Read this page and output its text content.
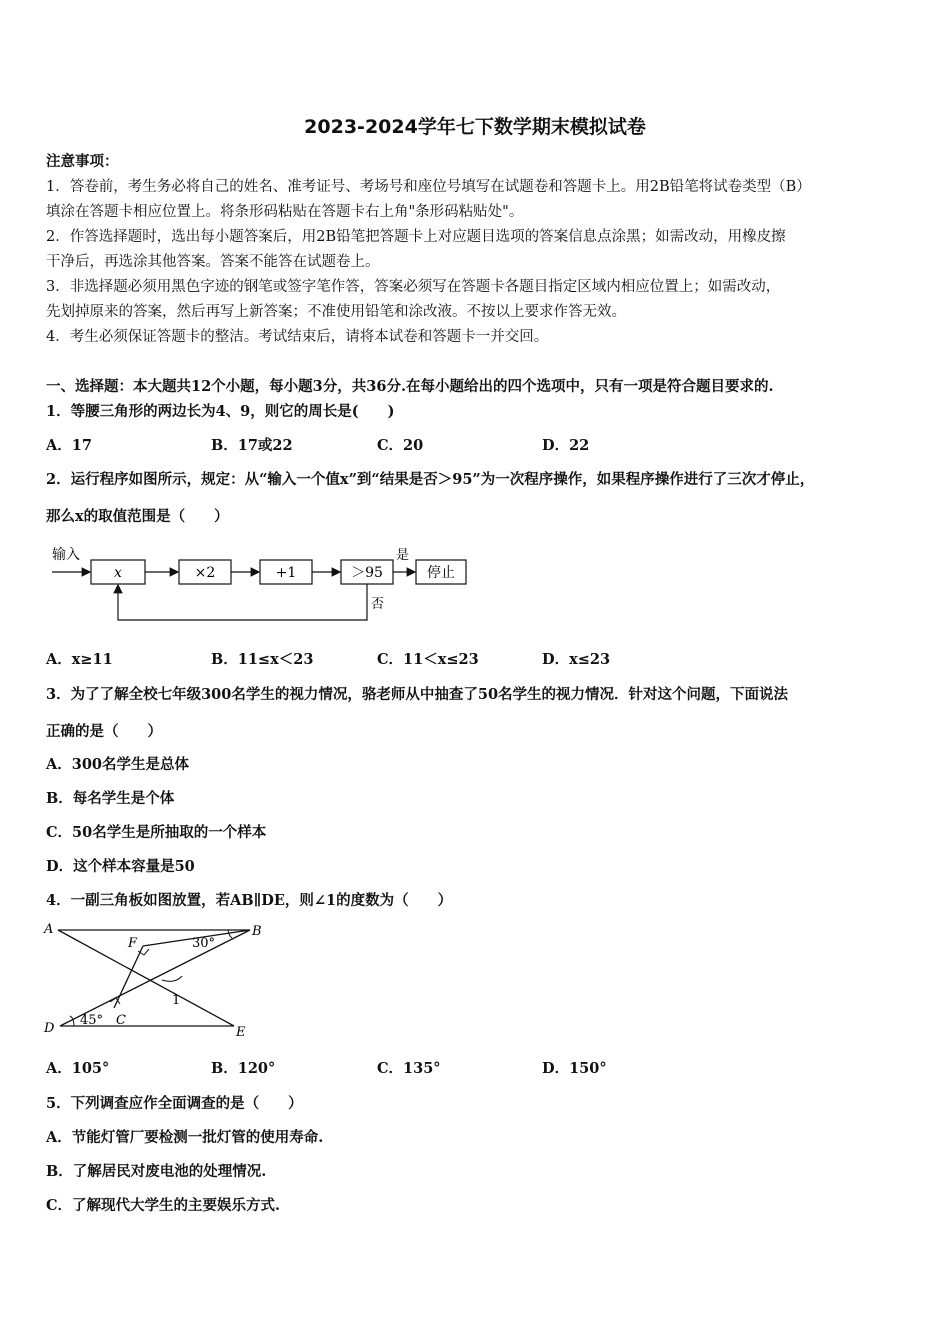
2023-2024学年七下数学期末模拟试卷
注意事项：
1．答卷前，考生务必将自己的姓名、准考证号、考场号和座位号填写在试题卷和答题卡上。用2B铅笔将试卷类型（B）
填涂在答题卡相应位置上。将条形码粘贴在答题卡右上角"条形码粘贴处"。
2．作答选择题时，选出每小题答案后，用2B铅笔把答题卡上对应题目选项的答案信息点涂黑；如需改动，用橡皮擦
干净后，再选涂其他答案。答案不能答在试题卷上。
3．非选择题必须用黑色字迹的钢笔或签字笔作答，答案必须写在答题卡各题目指定区域内相应位置上；如需改动，
先划掉原来的答案，然后再写上新答案；不准使用铅笔和涂改液。不按以上要求作答无效。
4．考生必须保证答题卡的整洁。考试结束后，请将本试卷和答题卡一并交回。
一、选择题：本大题共12个小题，每小题3分，共36分.在每小题给出的四个选项中，只有一项是符合题目要求的.
1．等腰三角形的两边长为4、9，则它的周长是(　　)
A．17	B．17或22	C．20	D．22
2．运行程序如图所示，规定：从“输入一个值x”到“结果是否＞95”为一次程序操作，如果程序操作进行了三次才停止，
那么x的取值范围是（　　）
输入
x	×2	+1	＞95
是
停止
否
A．x≥11	B．11≤x＜23	C．11＜x≤23	D．x≤23
3．为了了解全校七年级300名学生的视力情况，骆老师从中抽查了50名学生的视力情况．针对这个问题，下面说法
正确的是（　　）
A．300名学生是总体
B．每名学生是个体
C．50名学生是所抽取的一个样本
D．这个样本容量是50
4．一副三角板如图放置，若AB∥DE，则∠1的度数为（　　）
A	B
F	30°
1
45° C
D	E
A．105°	B．120°	C．135°	D．150°
5．下列调查应作全面调查的是（　　）
A．节能灯管厂要检测一批灯管的使用寿命.
B．了解居民对废电池的处理情况.
C．了解现代大学生的主要娱乐方式.
